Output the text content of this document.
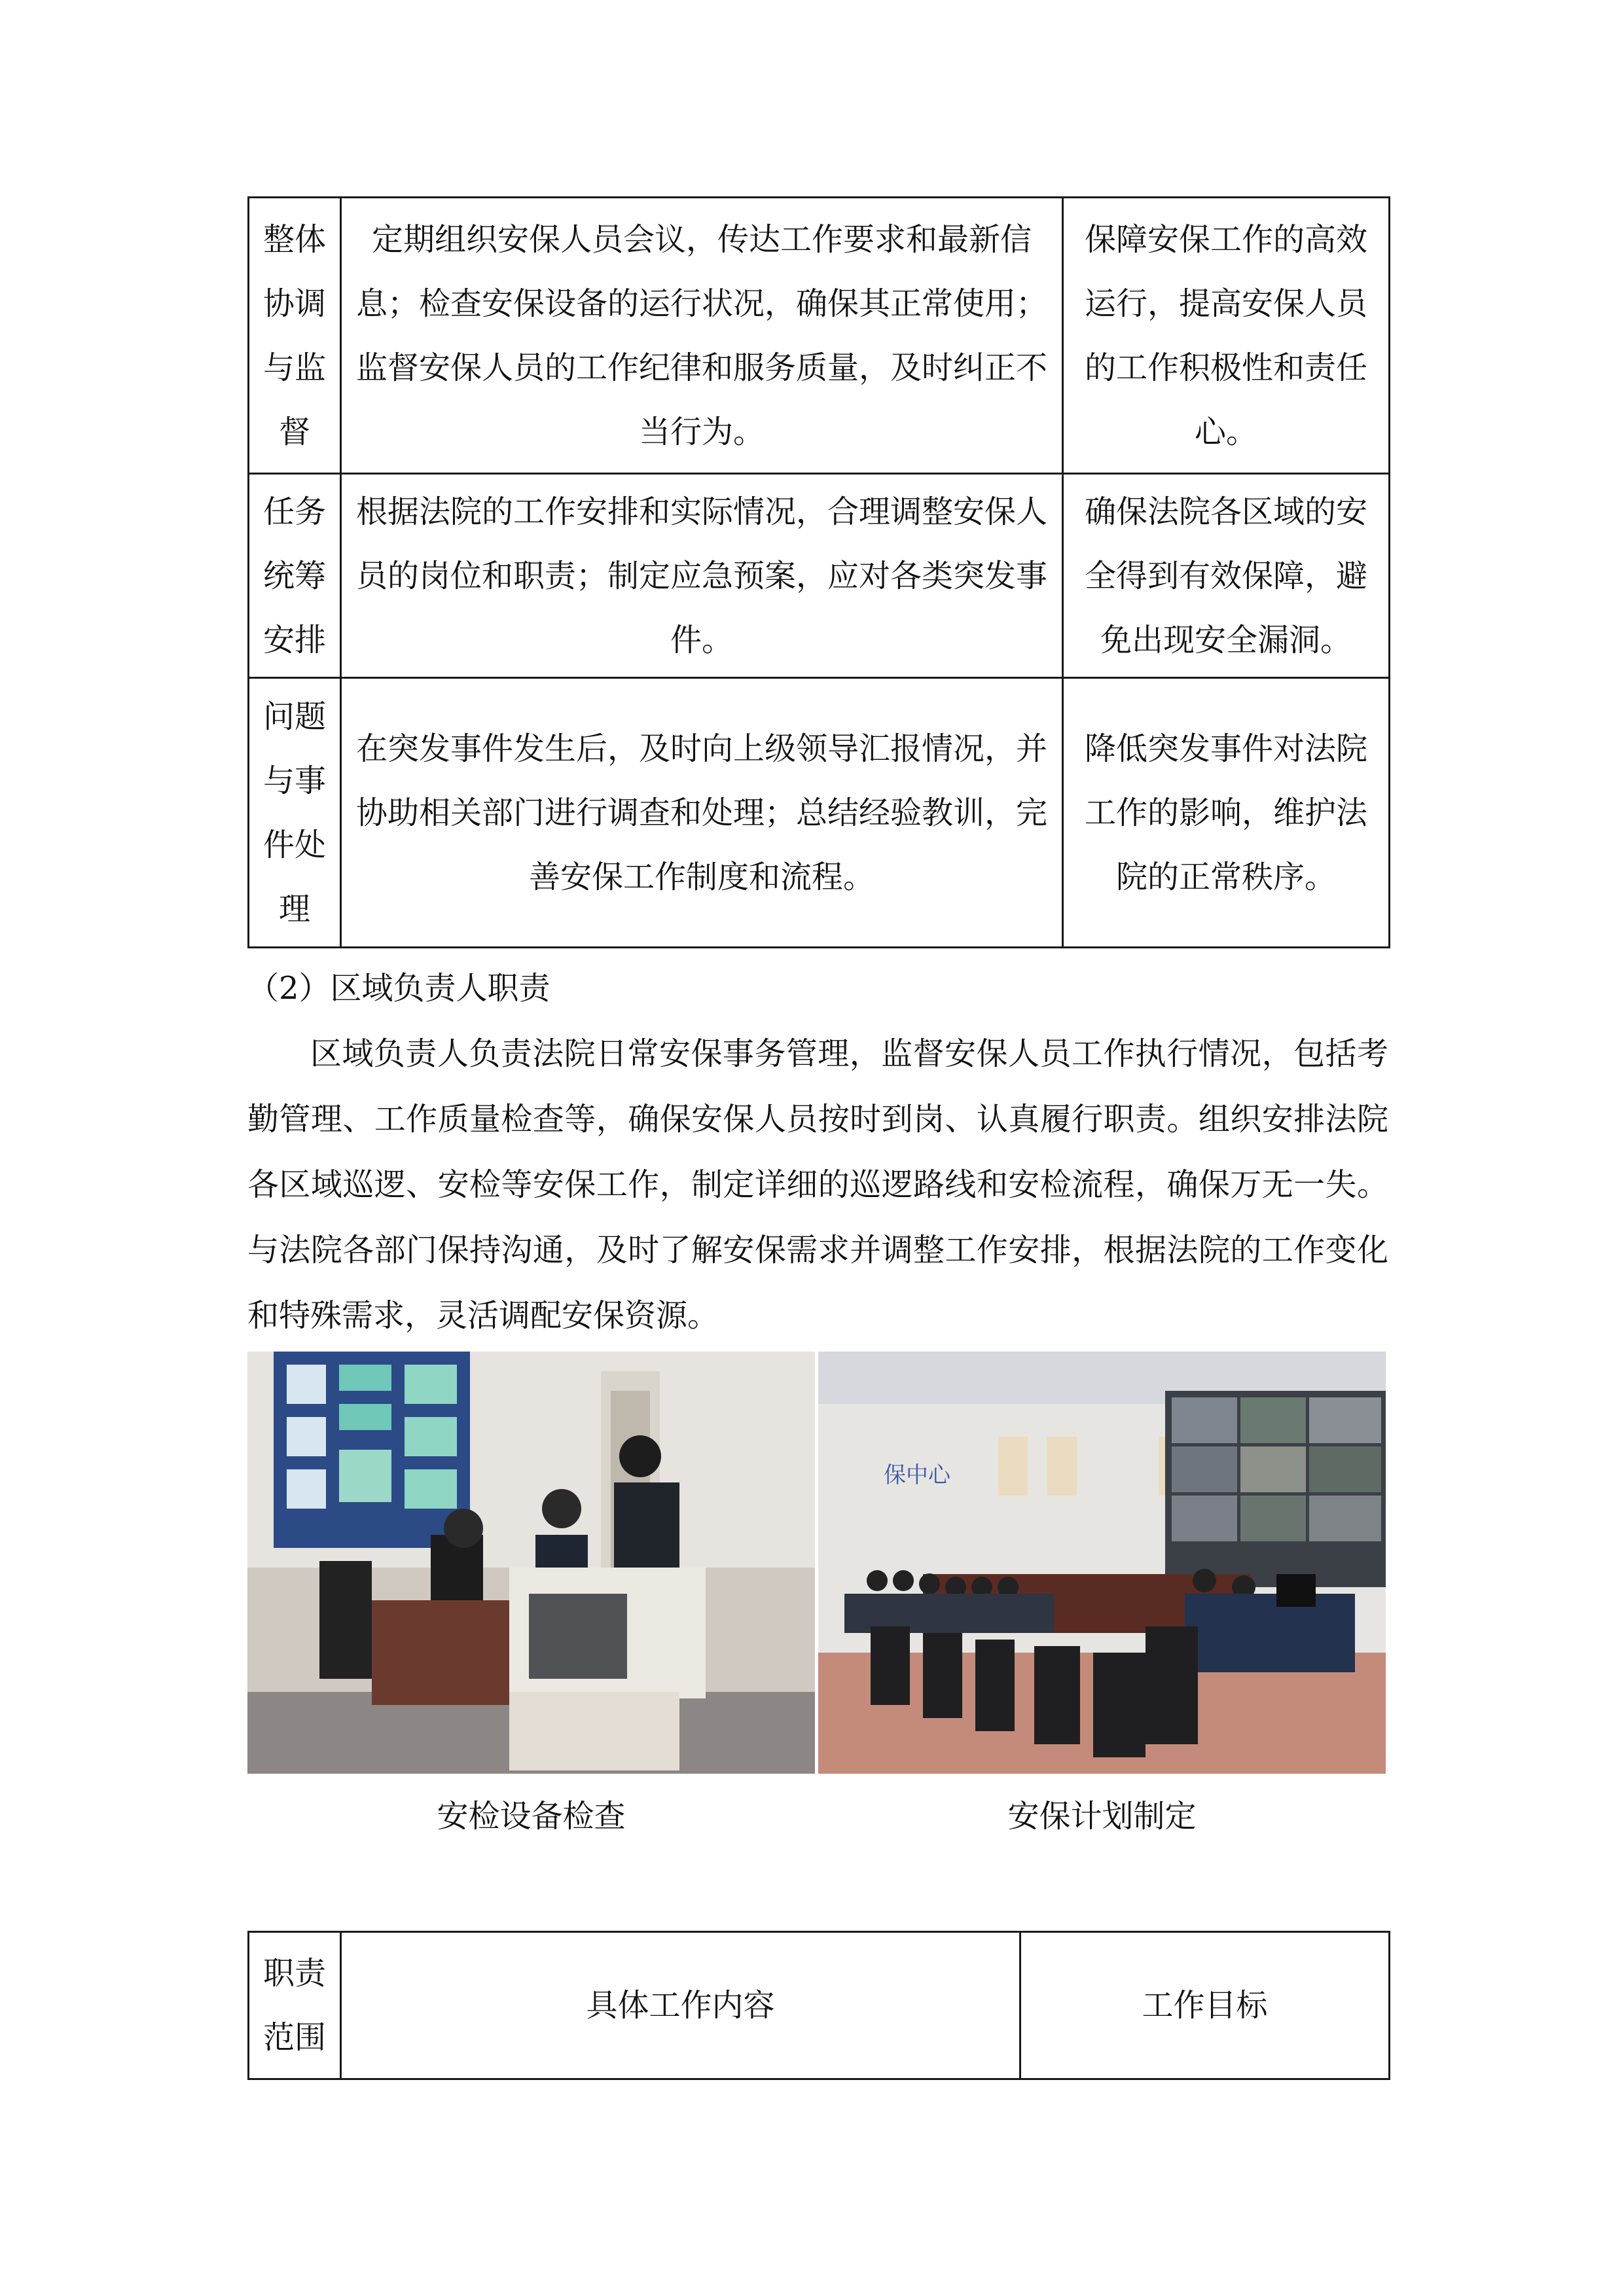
整体协调与监督	定期组织安保人员会议，传达工作要求和最新信息；检查安保设备的运行状况，确保其正常使用；监督安保人员的工作纪律和服务质量，及时纠正不当行为。	保障安保工作的高效运行，提高安保人员的工作积极性和责任心。
任务统筹安排	根据法院的工作安排和实际情况，合理调整安保人员的岗位和职责；制定应急预案，应对各类突发事件。	确保法院各区域的安全得到有效保障，避免出现安全漏洞。
问题与事件处理	在突发事件发生后，及时向上级领导汇报情况，并协助相关部门进行调查和处理；总结经验教训，完善安保工作制度和流程。	降低突发事件对法院工作的影响，维护法院的正常秩序。
（2）区域负责人职责

区域负责人负责法院日常安保事务管理，监督安保人员工作执行情况，包括考勤管理、工作质量检查等，确保安保人员按时到岗、认真履行职责。组织安排法院各区域巡逻、安检等安保工作，制定详细的巡逻路线和安检流程，确保万无一失。与法院各部门保持沟通，及时了解安保需求并调整工作安排，根据法院的工作变化和特殊需求，灵活调配安保资源。

保中心
安检设备检查	安保计划制定
职责范围	具体工作内容	工作目标
